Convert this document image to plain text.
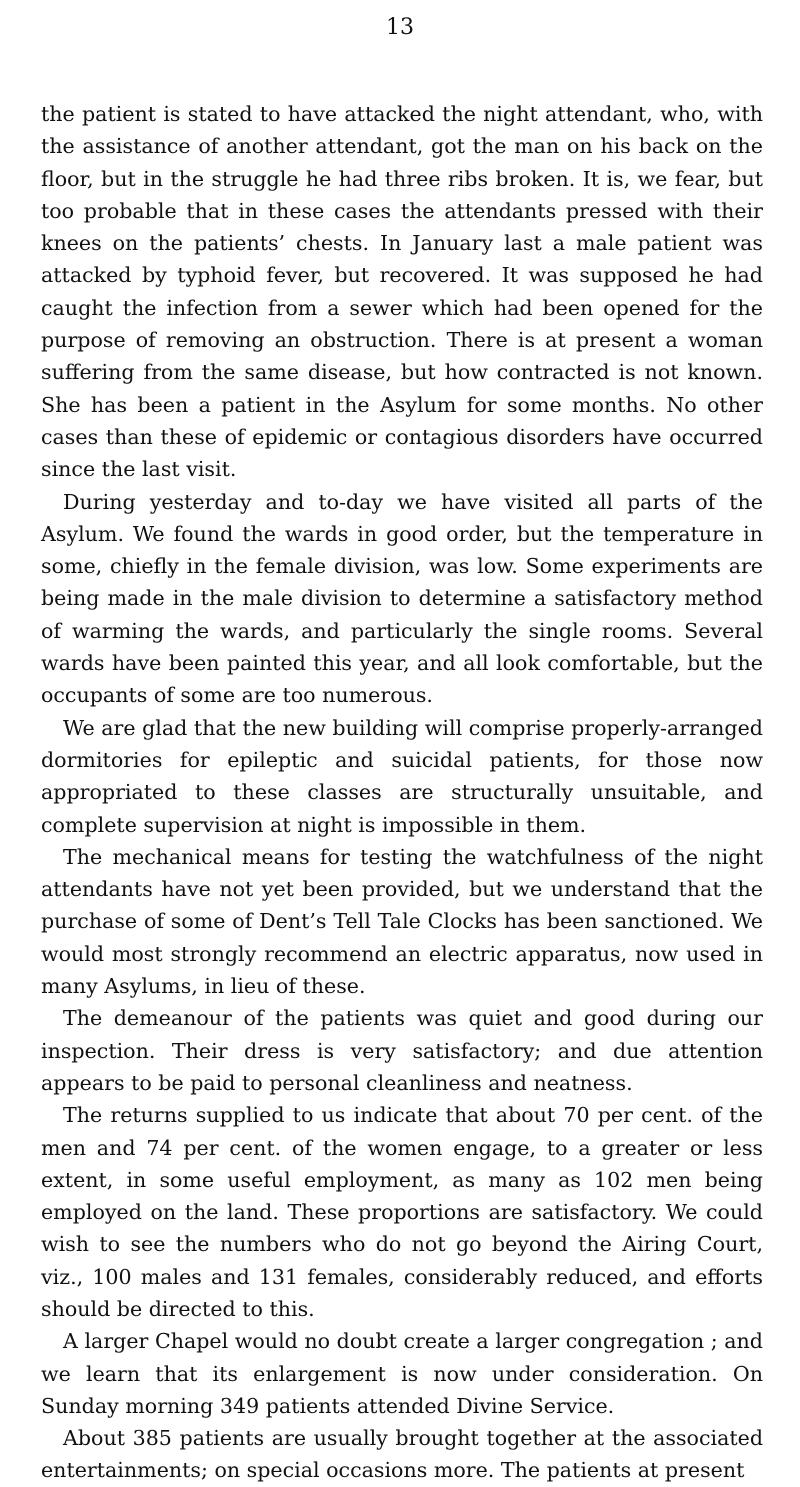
13

the patient is stated to have attacked the night attendant, who, with the assistance of another attendant, got the man on his back on the floor, but in the struggle he had three ribs broken. It is, we fear, but too probable that in these cases the attendants pressed with their knees on the patients’ chests. In January last a male patient was attacked by typhoid fever, but recovered. It was supposed he had caught the infection from a sewer which had been opened for the purpose of removing an obstruction. There is at present a woman suffering from the same disease, but how contracted is not known. She has been a patient in the Asylum for some months. No other cases than these of epidemic or contagious disorders have occurred since the last visit.

During yesterday and to-day we have visited all parts of the Asylum. We found the wards in good order, but the temperature in some, chiefly in the female division, was low. Some experiments are being made in the male division to determine a satisfactory method of warming the wards, and particularly the single rooms. Several wards have been painted this year, and all look comfortable, but the occupants of some are too numerous.

We are glad that the new building will comprise properly-arranged dormitories for epileptic and suicidal patients, for those now appropriated to these classes are structurally unsuitable, and complete supervision at night is impossible in them.

The mechanical means for testing the watchfulness of the night attendants have not yet been provided, but we understand that the purchase of some of Dent’s Tell Tale Clocks has been sanctioned. We would most strongly recommend an electric apparatus, now used in many Asylums, in lieu of these.

The demeanour of the patients was quiet and good during our inspection. Their dress is very satisfactory; and due attention appears to be paid to personal cleanliness and neatness.

The returns supplied to us indicate that about 70 per cent. of the men and 74 per cent. of the women engage, to a greater or less extent, in some useful employment, as many as 102 men being employed on the land. These proportions are satisfactory. We could wish to see the numbers who do not go beyond the Airing Court, viz., 100 males and 131 females, considerably reduced, and efforts should be directed to this.

A larger Chapel would no doubt create a larger congregation ; and we learn that its enlargement is now under consideration. On Sunday morning 349 patients attended Divine Service.

About 385 patients are usually brought together at the associated entertainments; on special occasions more. The patients at present
